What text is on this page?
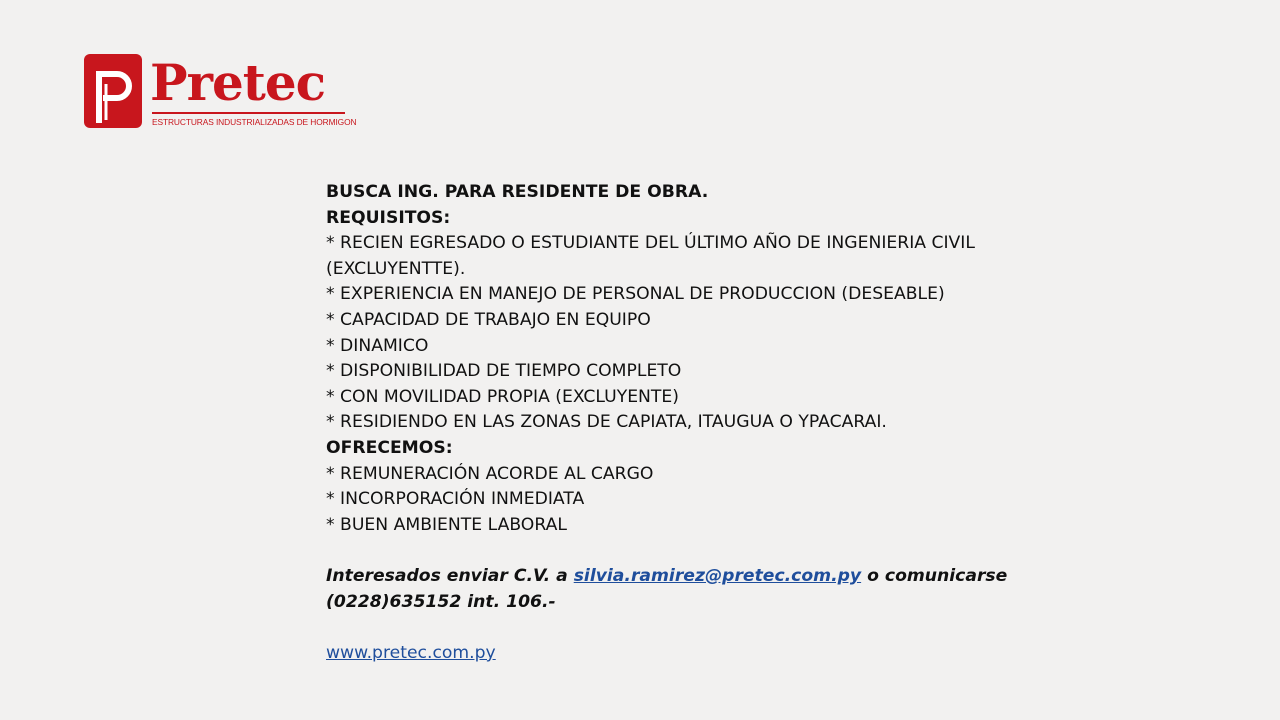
Pretec
ESTRUCTURAS INDUSTRIALIZADAS DE HORMIGON
BUSCA ING. PARA RESIDENTE DE OBRA.
REQUISITOS:
* RECIEN EGRESADO O ESTUDIANTE DEL ÚLTIMO AÑO DE INGENIERIA CIVIL
(EXCLUYENTTE).
* EXPERIENCIA EN MANEJO DE PERSONAL DE PRODUCCION (DESEABLE)
* CAPACIDAD DE TRABAJO EN EQUIPO
* DINAMICO
* DISPONIBILIDAD DE TIEMPO COMPLETO
* CON MOVILIDAD PROPIA (EXCLUYENTE)
* RESIDIENDO EN LAS ZONAS DE CAPIATA, ITAUGUA O YPACARAI.
OFRECEMOS:
* REMUNERACIÓN ACORDE AL CARGO
* INCORPORACIÓN INMEDIATA
* BUEN AMBIENTE LABORAL
Interesados enviar C.V. a silvia.ramirez@pretec.com.py o comunicarse
(0228)635152 int. 106.-
www.pretec.com.py
